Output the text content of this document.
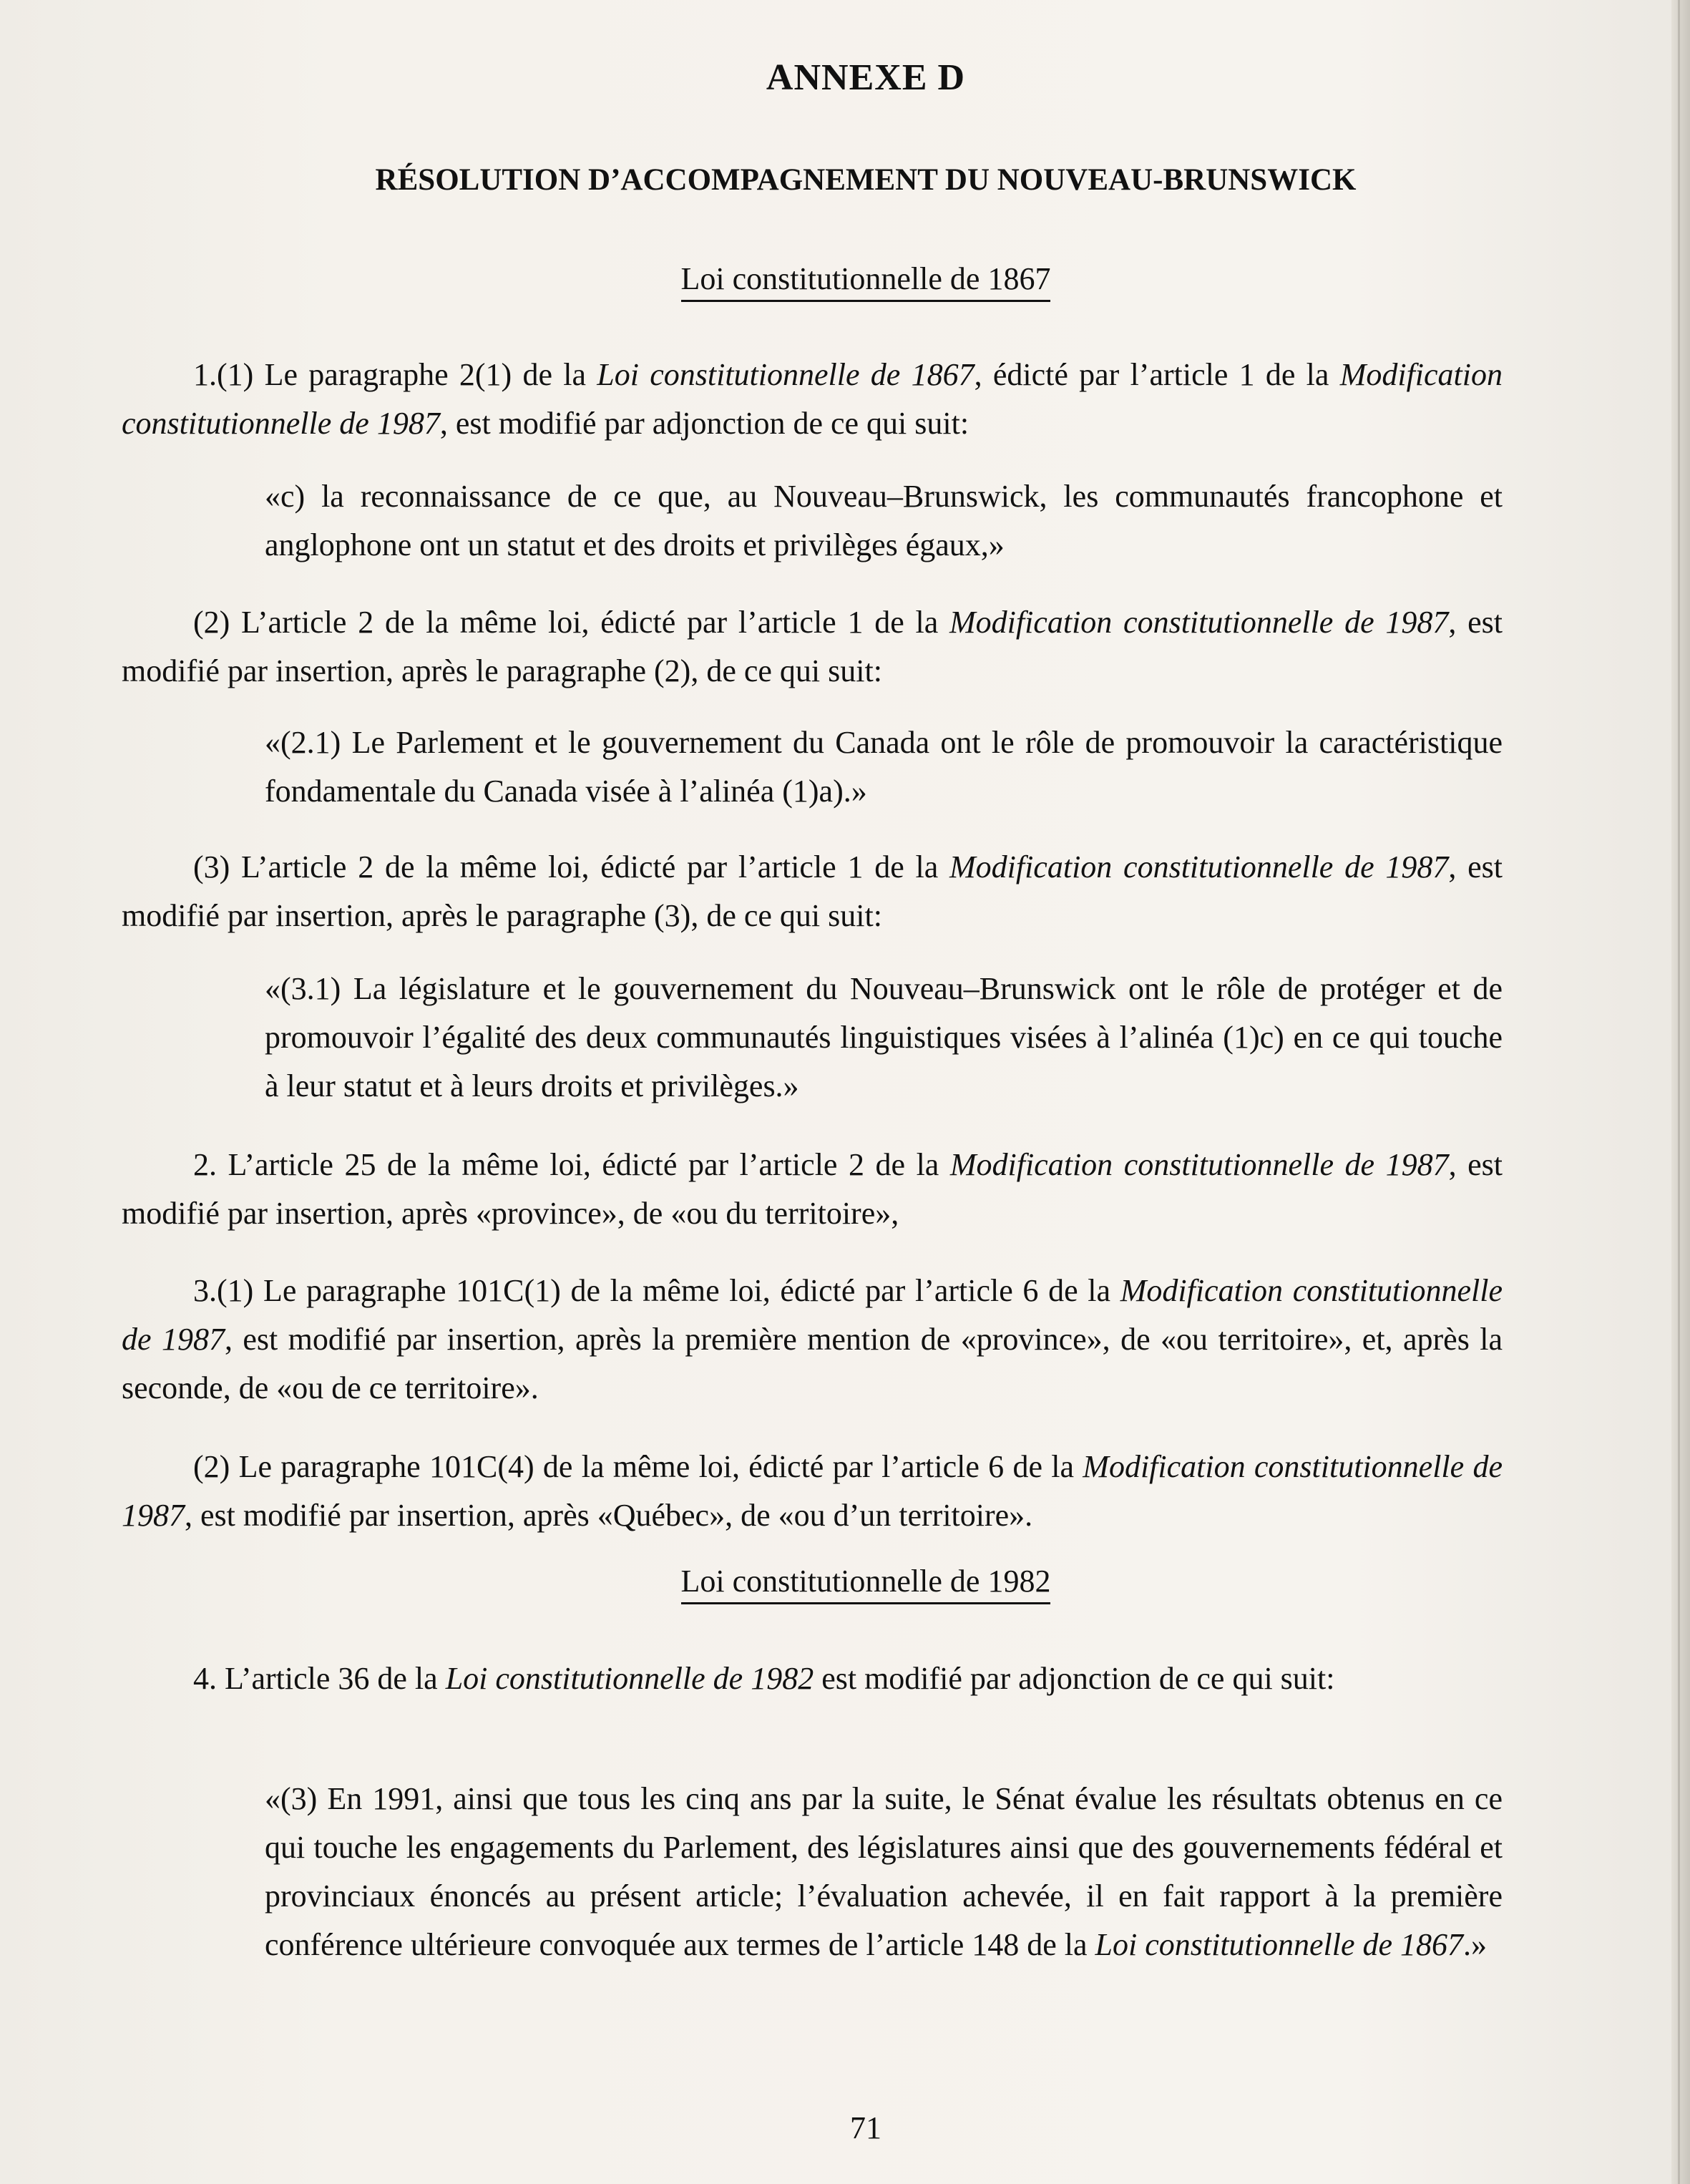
ANNEXE D
RÉSOLUTION D’ACCOMPAGNEMENT DU NOUVEAU-BRUNSWICK
Loi constitutionnelle de 1867

1.(1) Le paragraphe 2(1) de la Loi constitutionnelle de 1867, édicté par l’article 1 de la Modification constitutionnelle de 1987, est modifié par adjonction de ce qui suit:

«c) la reconnaissance de ce que, au Nouveau–Brunswick, les communautés francophone et anglophone ont un statut et des droits et privilèges égaux,»

(2) L’article 2 de la même loi, édicté par l’article 1 de la Modification constitutionnelle de 1987, est modifié par insertion, après le paragraphe (2), de ce qui suit:

«(2.1) Le Parlement et le gouvernement du Canada ont le rôle de promouvoir la caractéristique fondamentale du Canada visée à l’alinéa (1)a).»

(3) L’article 2 de la même loi, édicté par l’article 1 de la Modification constitutionnelle de 1987, est modifié par insertion, après le paragraphe (3), de ce qui suit:

«(3.1) La législature et le gouvernement du Nouveau–Brunswick ont le rôle de protéger et de promouvoir l’égalité des deux communautés linguistiques visées à l’alinéa (1)c) en ce qui touche à leur statut et à leurs droits et privilèges.»

2. L’article 25 de la même loi, édicté par l’article 2 de la Modification constitutionnelle de 1987, est modifié par insertion, après «province», de «ou du territoire»,

3.(1) Le paragraphe 101C(1) de la même loi, édicté par l’article 6 de la Modification constitutionnelle de 1987, est modifié par insertion, après la première mention de «province», de «ou territoire», et, après la seconde, de «ou de ce territoire».

(2) Le paragraphe 101C(4) de la même loi, édicté par l’article 6 de la Modification constitutionnelle de 1987, est modifié par insertion, après «Québec», de «ou d’un territoire».

Loi constitutionnelle de 1982

4. L’article 36 de la Loi constitutionnelle de 1982 est modifié par adjonction de ce qui suit:

«(3) En 1991, ainsi que tous les cinq ans par la suite, le Sénat évalue les résultats obtenus en ce qui touche les engagements du Parlement, des législatures ainsi que des gouvernements fédéral et provinciaux énoncés au présent article; l’évaluation achevée, il en fait rapport à la première conférence ultérieure convoquée aux termes de l’article 148 de la Loi constitutionnelle de 1867.»

71
